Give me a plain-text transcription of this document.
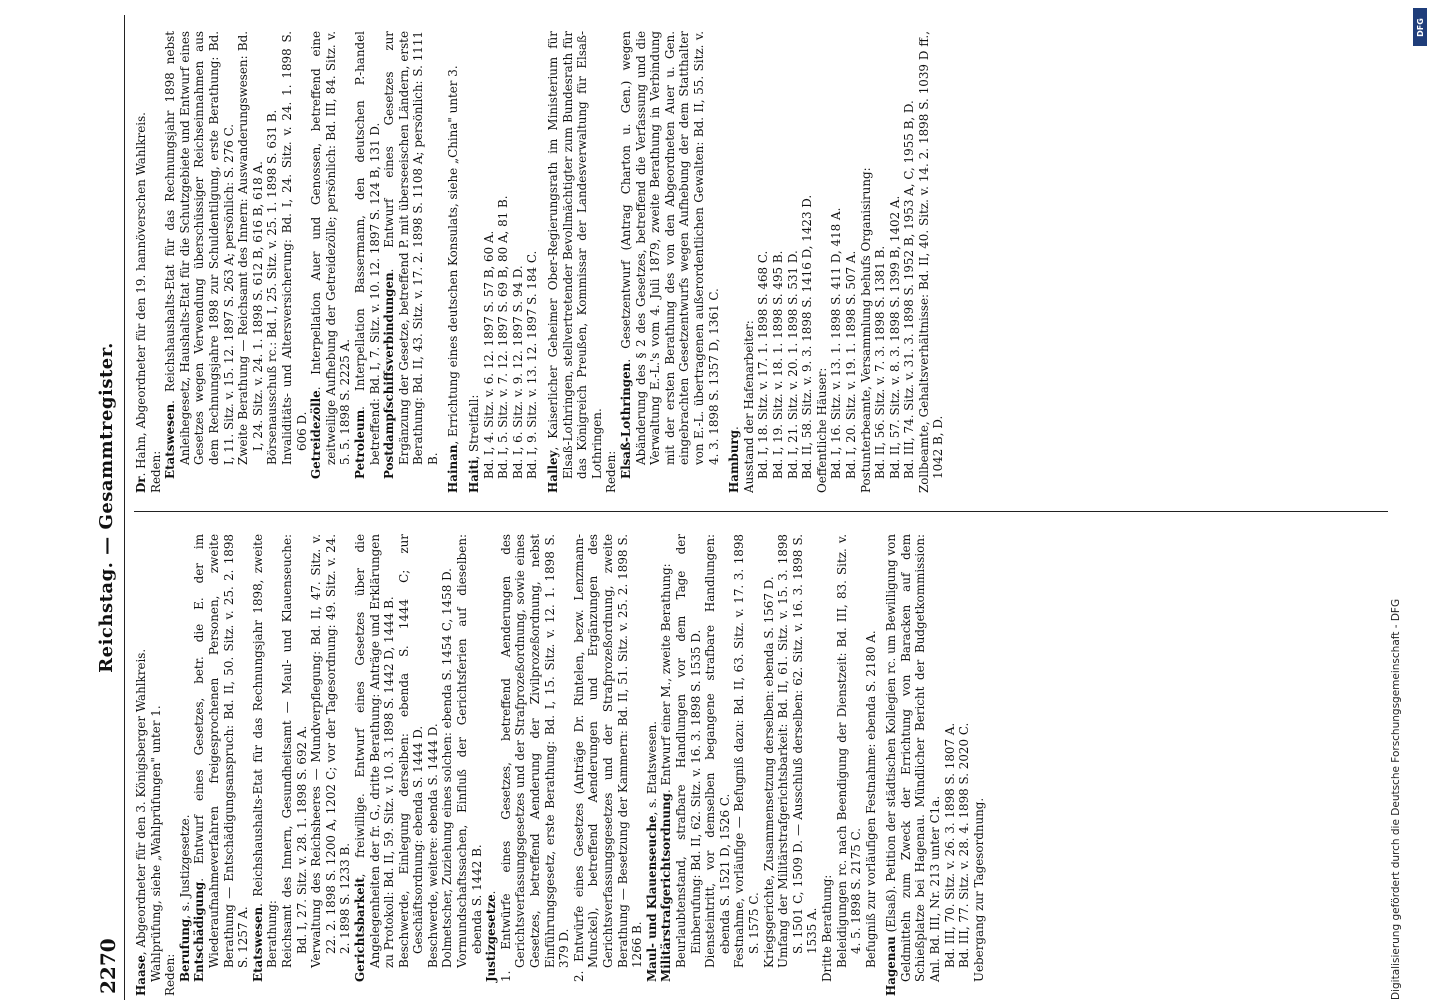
2270
Reichstag. — Gesammtregister.

Haase, Abgeordneter für den 3. Königsberger Wahlkreis. Wahlprüfung, siehe „Wahlprüfungen" unter 1. Reden: Berufung, s. Justizgesetze.

Entschädigung. Entwurf eines Gesetzes, betr. die E. der im Wiederaufnahmeverfahren freigesprochenen Personen, zweite Berathung — Entschädigungsanspruch: Bd. II, 50. Sitz. v. 25. 2. 1898 S. 1257 A. Etatswesen. Reichshaushalts-Etat für das Rechnungsjahr 1898, zweite Berathung: Reichsamt des Innern, Gesundheitsamt — Maul- und Klauenseuche: Bd. I, 27. Sitz. v. 28. 1. 1898 S. 692 A. Verwaltung des Reichsheeres — Mundverpflegung: Bd. II, 47. Sitz. v. 22. 2. 1898 S. 1200 A, 1202 C; vor der Tagesordnung: 49. Sitz. v. 24. 2. 1898 S. 1233 B. Gerichtsbarkeit, freiwillige. Entwurf eines Gesetzes über die Angelegenheiten der fr. G., dritte Berathung: Anträge und Erklärungen zu Protokoll: Bd. II, 59. Sitz. v. 10. 3. 1898 S. 1442 D, 1444 B. Beschwerde, Einlegung derselben: ebenda S. 1444 C; zur Geschäftsordnung: ebenda S. 1444 D. Beschwerde, weitere: ebenda S. 1444 D. Dolmetscher, Zuziehung eines solchen: ebenda S. 1454 C, 1458 D. Vormundschaftssachen, Einfluß der Gerichtsferien auf dieselben: ebenda S. 1442 B. Justizgesetze. 1. Entwürfe eines Gesetzes, betreffend Aenderungen des Gerichtsverfassungsgesetzes und der Strafprozeßordnung, sowie eines Gesetzes, betreffend Aenderung der Zivilprozeßordnung, nebst Einführungsgesetz, erste Berathung: Bd. I, 15. Sitz. v. 12. 1. 1898 S. 379 D. 2. Entwürfe eines Gesetzes (Anträge Dr. Rintelen, bezw. Lenzmann-Munckel), betreffend Aenderungen und Ergänzungen des Gerichtsverfassungsgesetzes und der Strafprozeßordnung, zweite Berathung — Besetzung der Kammern: Bd. II, 51. Sitz. v. 25. 2. 1898 S. 1266 B. Maul- und Klauenseuche, s. Etatswesen.

Militärstrafgerichtsordnung. Entwurf einer M., zweite Berathung: Beurlaubtenstand, strafbare Handlungen vor dem Tage der Einberufung: Bd. II, 62. Sitz. v. 16. 3. 1898 S. 1535 D. Diensteintritt, vor demselben begangene strafbare Handlungen: ebenda S. 1521 D, 1526 C. Festnahme, vorläufige — Befugniß dazu: Bd. II, 63. Sitz. v. 17. 3. 1898 S. 1575 C. Kriegsgerichte, Zusammensetzung derselben: ebenda S. 1567 D. Umfang der Militärstrafgerichtsbarkeit: Bd. II, 61. Sitz. v. 15. 3. 1898 S. 1501 C, 1509 D. — Ausschluß derselben: 62. Sitz. v. 16. 3. 1898 S. 1535 A. Dritte Berathung: Beleidigungen rc. nach Beendigung der Dienstzeit: Bd. III, 83. Sitz. v. 4. 5. 1898 S. 2175 C. Befugniß zur vorläufigen Festnahme: ebenda S. 2180 A. Hagenau (Elsaß). Petition der städtischen Kollegien rc. um Bewilligung von Geldmitteln zum Zweck der Errichtung von Baracken auf dem Schießplatze bei Hagenau. Mündlicher Bericht der Budgetkommission: Anl. Bd. III, Nr. 213 unter C1a. Bd. III, 70. Sitz. v. 26. 3. 1898 S. 1807 A. Bd. III, 77. Sitz. v. 28. 4. 1898 S. 2020 C. Uebergang zur Tagesordnung.

Dr. Hahn, Abgeordneter für den 19. hannöverschen Wahlkreis. Reden: Etatswesen. Reichshaushalts-Etat für das Rechnungsjahr 1898 nebst Anleihegesetz, Haushalts-Etat für die Schutzgebiete und Entwurf eines Gesetzes wegen Verwendung überschüssiger Reichseinnahmen aus dem Rechnungsjahre 1898 zur Schuldentilgung, erste Berathung: Bd. I, 11. Sitz. v. 15. 12. 1897 S. 263 A; persönlich: S. 276 C. Zweite Berathung — Reichsamt des Innern: Auswanderungswesen: Bd. I, 24. Sitz. v. 24. 1. 1898 S. 612 B, 616 B, 618 A. Börsenausschuß rc.: Bd. I, 25. Sitz. v. 25. 1. 1898 S. 631 B. Invaliditäts- und Altersversicherung: Bd. I, 24. Sitz. v. 24. 1. 1898 S. 606 D. Getreidezölle. Interpellation Auer und Genossen, betreffend eine zeitweilige Aufhebung der Getreidezölle; persönlich: Bd. III, 84. Sitz. v. 5. 5. 1898 S. 2225 A. Petroleum. Interpellation Bassermann, den deutschen P.-handel betreffend: Bd. I, 7. Sitz. v. 10. 12. 1897 S. 124 B, 131 D. Postdampfschiffsverbindungen. Entwurf eines Gesetzes zur Ergänzung der Gesetze, betreffend P. mit überseeischen Ländern, erste Berathung: Bd. II, 43. Sitz. v. 17. 2. 1898 S. 1108 A; persönlich: S. 1111 B. Hainan, Errichtung eines deutschen Konsulats, siehe „China" unter 3.

Haiti, Streitfall: Bd. I, 4. Sitz. v. 6. 12. 1897 S. 57 B, 60 A. Bd. I, 5. Sitz. v. 7. 12. 1897 S. 69 B, 80 A, 81 B. Bd. I, 6. Sitz. v. 9. 12. 1897 S. 94 D. Bd. I, 9. Sitz. v. 13. 12. 1897 S. 184 C. Halley, Kaiserlicher Geheimer Ober-Regierungsrath im Ministerium für Elsaß-Lothringen, stellvertretender Bevollmächtigter zum Bundesrath für das Königreich Preußen, Kommissar der Landesverwaltung für Elsaß-Lothringen. Reden: Elsaß-Lothringen. Gesetzentwurf (Antrag Charton u. Gen.) wegen Abänderung des § 2 des Gesetzes, betreffend die Verfassung und die Verwaltung E.-L.'s vom 4. Juli 1879, zweite Berathung in Verbindung mit der ersten Berathung des von den Abgeordneten Auer u. Gen. eingebrachten Gesetzentwurfs wegen Aufhebung der dem Statthalter von E.-L. übertragenen außerordentlichen Gewalten: Bd. II, 55. Sitz. v. 4. 3. 1898 S. 1357 D, 1361 C. Hamburg. Ausstand der Hafenarbeiter: Bd. I, 18. Sitz. v. 17. 1. 1898 S. 468 C. Bd. I, 19. Sitz. v. 18. 1. 1898 S. 495 B. Bd. I, 21. Sitz. v. 20. 1. 1898 S. 531 D. Bd. II, 58. Sitz. v. 9. 3. 1898 S. 1416 D, 1423 D. Oeffentliche Häuser: Bd. I, 16. Sitz. v. 13. 1. 1898 S. 411 D, 418 A. Bd. I, 20. Sitz. v. 19. 1. 1898 S. 507 A. Postunterbeamte, Versammlung behufs Organisirung: Bd. II, 56. Sitz. v. 7. 3. 1898 S. 1381 B. Bd. II, 57. Sitz. v. 8. 3. 1898 S. 1399 B, 1402 A. Bd. III, 74. Sitz. v. 31. 3. 1898 S. 1952 B, 1953 A, C, 1955 B, D. Zollbeamte, Gehaltsverhältnisse: Bd. II, 40. Sitz. v. 14. 2. 1898 S. 1039 D ff., 1042 B, D.

DFG
Digitalisierung gefördert durch die Deutsche Forschungsgemeinschaft - DFG
